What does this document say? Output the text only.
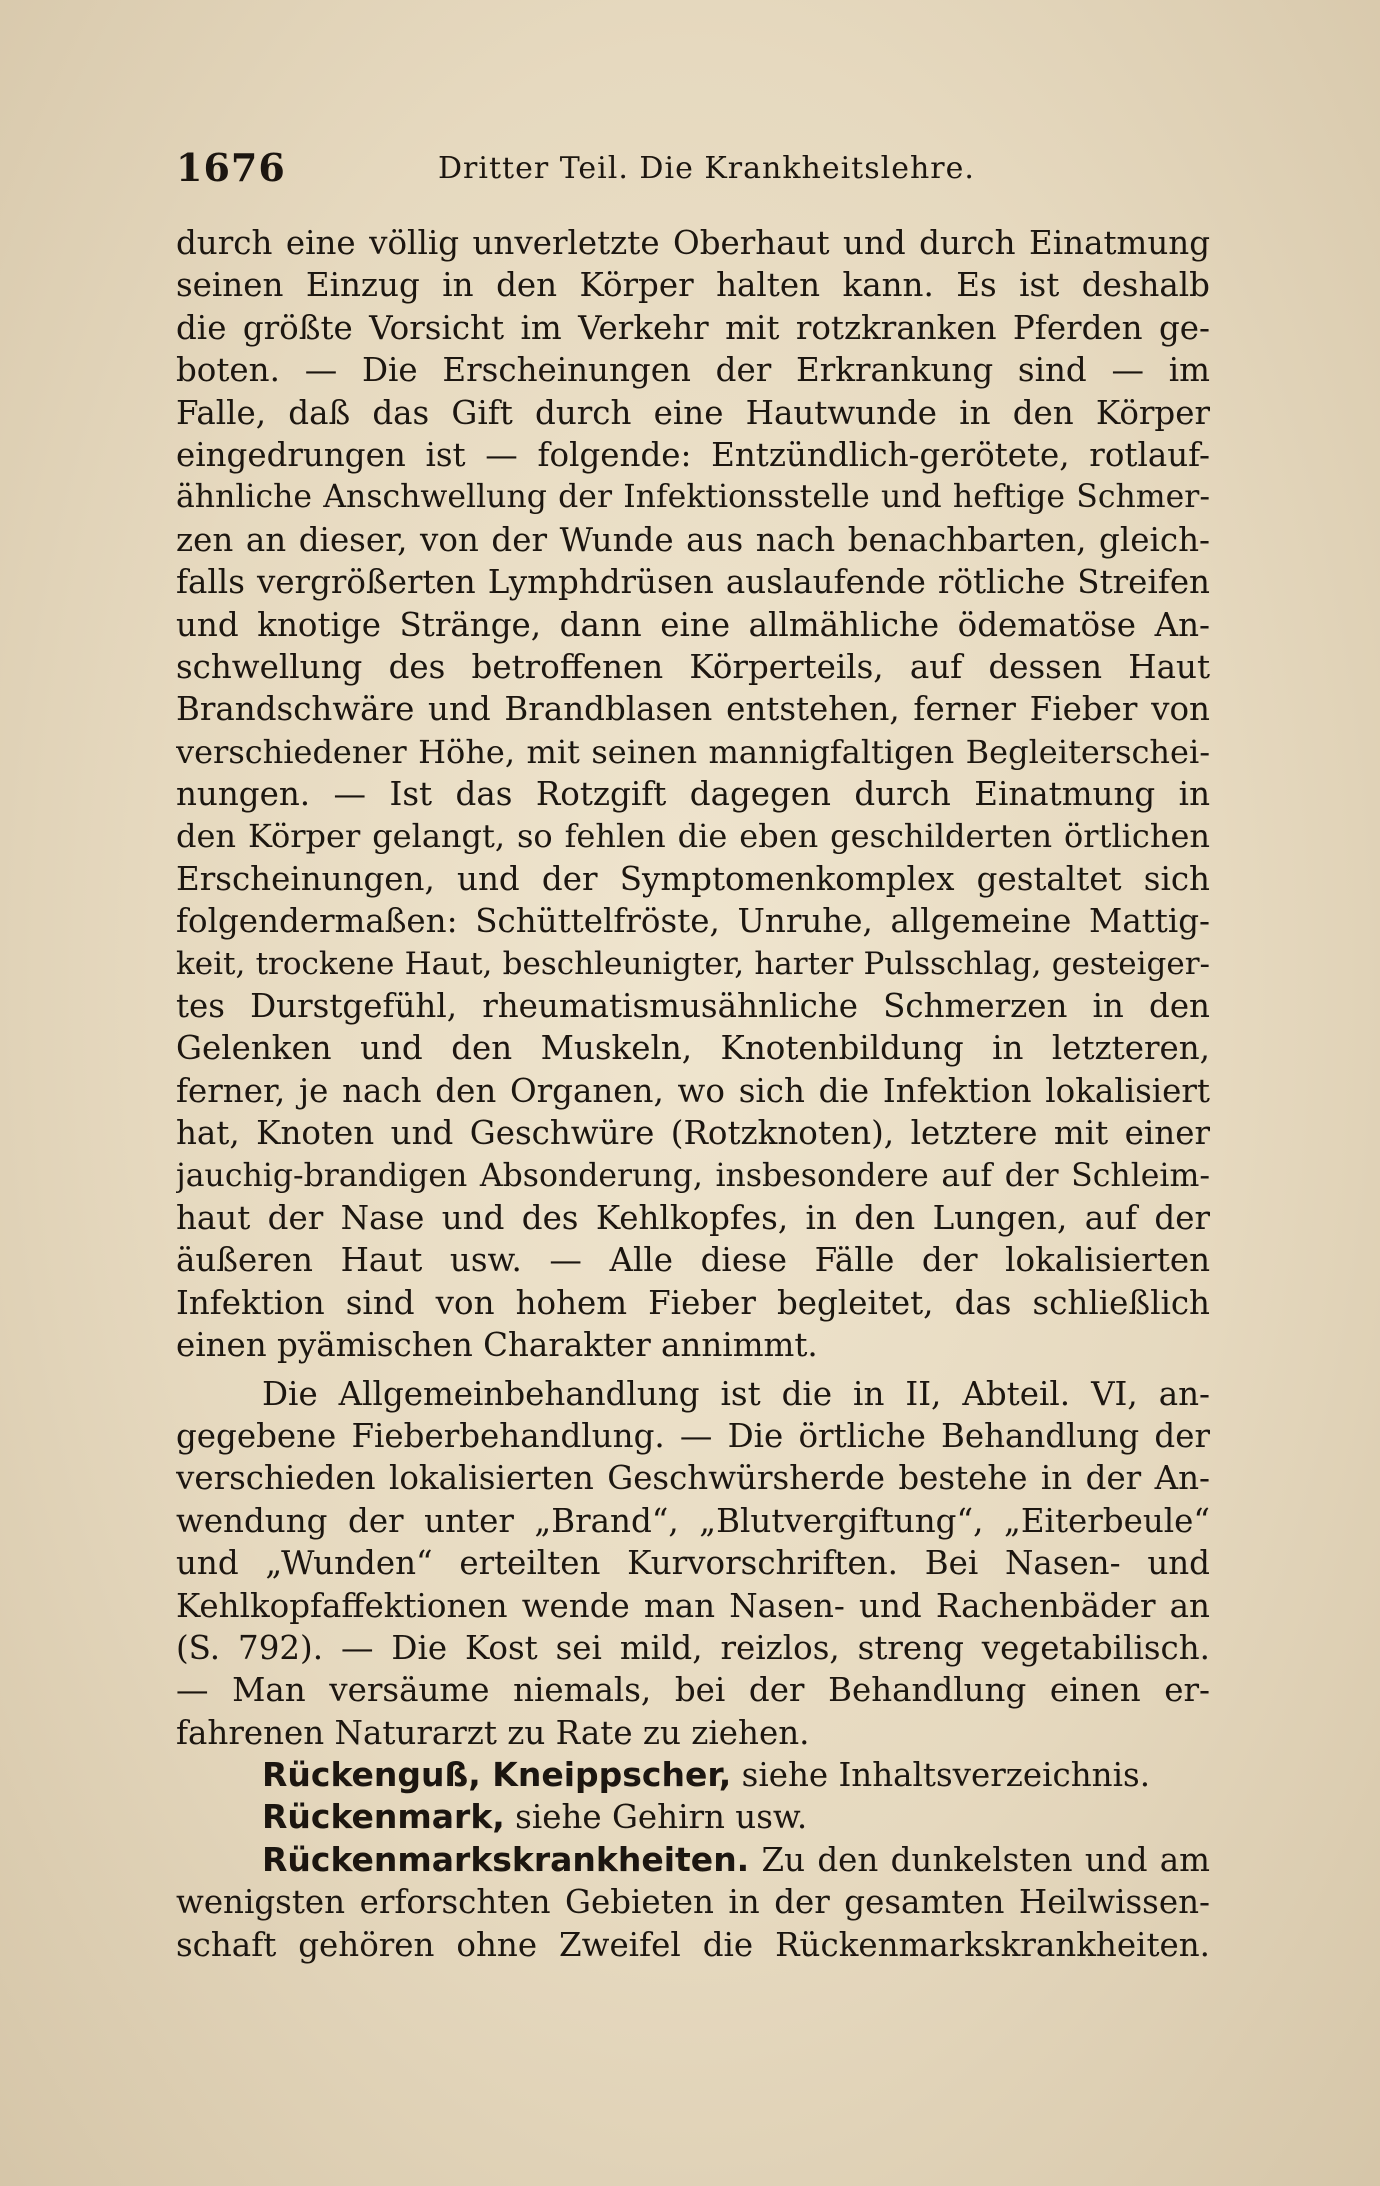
1676	Dritter Teil. Die Krankheitslehre.
durch eine völlig unverletzte Oberhaut und durch Einatmung
seinen Einzug in den Körper halten kann. Es ist deshalb
die größte Vorsicht im Verkehr mit rotzkranken Pferden ge-
boten. — Die Erscheinungen der Erkrankung sind — im
Falle, daß das Gift durch eine Hautwunde in den Körper
eingedrungen ist — folgende: Entzündlich-gerötete, rotlauf-
ähnliche Anschwellung der Infektionsstelle und heftige Schmer-
zen an dieser, von der Wunde aus nach benachbarten, gleich-
falls vergrößerten Lymphdrüsen auslaufende rötliche Streifen
und knotige Stränge, dann eine allmähliche ödematöse An-
schwellung des betroffenen Körperteils, auf dessen Haut
Brandschwäre und Brandblasen entstehen, ferner Fieber von
verschiedener Höhe, mit seinen mannigfaltigen Begleiterschei-
nungen. — Ist das Rotzgift dagegen durch Einatmung in
den Körper gelangt, so fehlen die eben geschilderten örtlichen
Erscheinungen, und der Symptomenkomplex gestaltet sich
folgendermaßen: Schüttelfröste, Unruhe, allgemeine Mattig-
keit, trockene Haut, beschleunigter, harter Pulsschlag, gesteiger-
tes Durstgefühl, rheumatismusähnliche Schmerzen in den
Gelenken und den Muskeln, Knotenbildung in letzteren,
ferner, je nach den Organen, wo sich die Infektion lokalisiert
hat, Knoten und Geschwüre (Rotzknoten), letztere mit einer
jauchig-brandigen Absonderung, insbesondere auf der Schleim-
haut der Nase und des Kehlkopfes, in den Lungen, auf der
äußeren Haut usw. — Alle diese Fälle der lokalisierten
Infektion sind von hohem Fieber begleitet, das schließlich
einen pyämischen Charakter annimmt.
Die Allgemeinbehandlung ist die in II, Abteil. VI, an-
gegebene Fieberbehandlung. — Die örtliche Behandlung der
verschieden lokalisierten Geschwürsherde bestehe in der An-
wendung der unter „Brand“, „Blutvergiftung“, „Eiterbeule“
und „Wunden“ erteilten Kurvorschriften. Bei Nasen- und
Kehlkopfaffektionen wende man Nasen- und Rachenbäder an
(S. 792). — Die Kost sei mild, reizlos, streng vegetabilisch.
— Man versäume niemals, bei der Behandlung einen er-
fahrenen Naturarzt zu Rate zu ziehen.
Rückenguß, Kneippscher, siehe Inhaltsverzeichnis.
Rückenmark, siehe Gehirn usw.
Rückenmarkskrankheiten. Zu den dunkelsten und am
wenigsten erforschten Gebieten in der gesamten Heilwissen-
schaft gehören ohne Zweifel die Rückenmarkskrankheiten.
